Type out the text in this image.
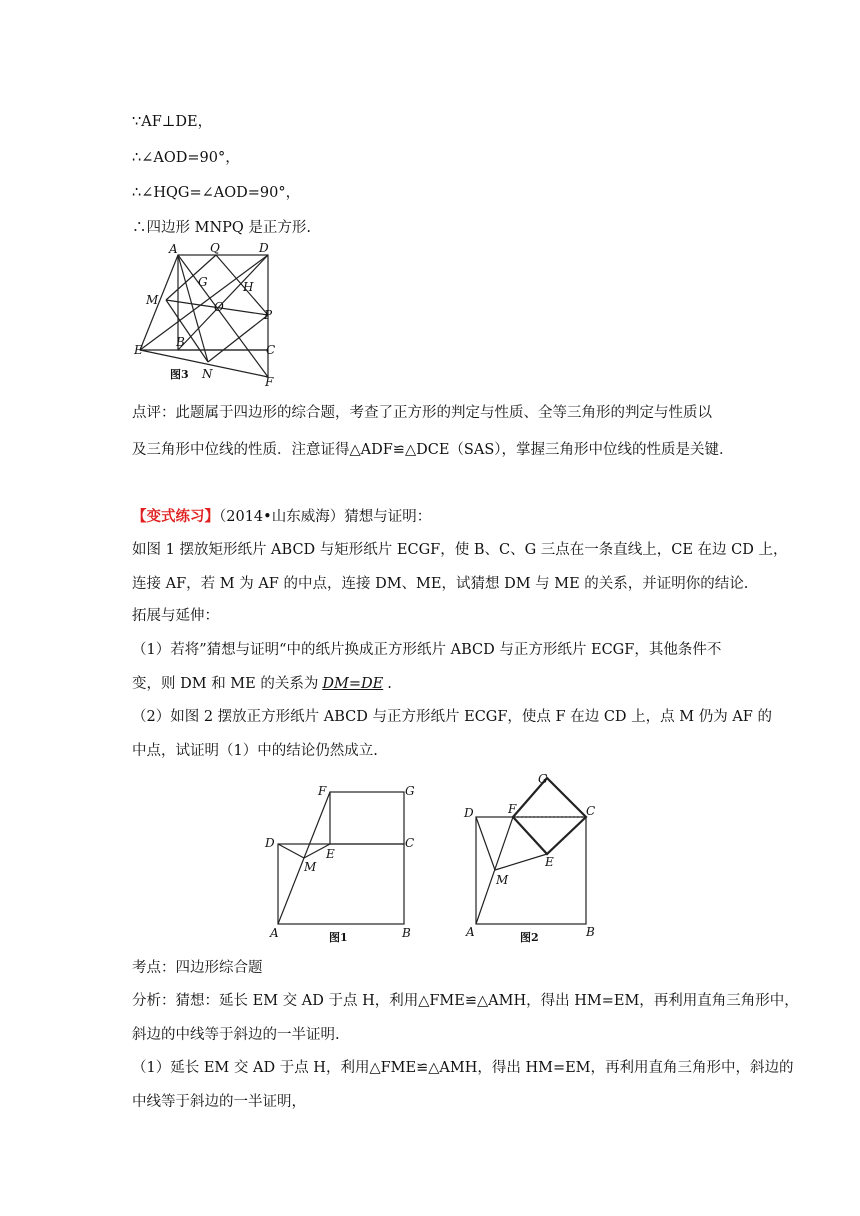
∵AF⊥DE，
∴∠AOD=90°，
∴∠HQG=∠AOD=90°，
∴四边形 MNPQ 是正方形.
A	Q	D
M
G	H
O
P
B
C
E
N
F
图3
点评：此题属于四边形的综合题，考查了正方形的判定与性质、全等三角形的判定与性质以
及三角形中位线的性质．注意证得△ADF≌△DCE（SAS），掌握三角形中位线的性质是关键．
【变式练习】（2014•山东威海）猜想与证明：
如图 1 摆放矩形纸片 ABCD 与矩形纸片 ECGF，使 B、C、G 三点在一条直线上，CE 在边 CD 上，
连接 AF，若 M 为 AF 的中点，连接 DM、ME，试猜想 DM 与 ME 的关系，并证明你的结论.
拓展与延伸：
（1）若将”猜想与证明“中的纸片换成正方形纸片 ABCD 与正方形纸片 ECGF，其他条件不
变，则 DM 和 ME 的关系为 DM=DE .
（2）如图 2 摆放正方形纸片 ABCD 与正方形纸片 ECGF，使点 F 在边 CD 上，点 M 仍为 AF 的
中点，试证明（1）中的结论仍然成立.
F	G
D
E
C
M
A	B
图1
G
D	F	C
E
M
A	B
图2
考点：四边形综合题
分析：猜想：延长 EM 交 AD 于点 H，利用△FME≌△AMH，得出 HM=EM，再利用直角三角形中，
斜边的中线等于斜边的一半证明.
（1）延长 EM 交 AD 于点 H，利用△FME≌△AMH，得出 HM=EM，再利用直角三角形中，斜边的
中线等于斜边的一半证明，
